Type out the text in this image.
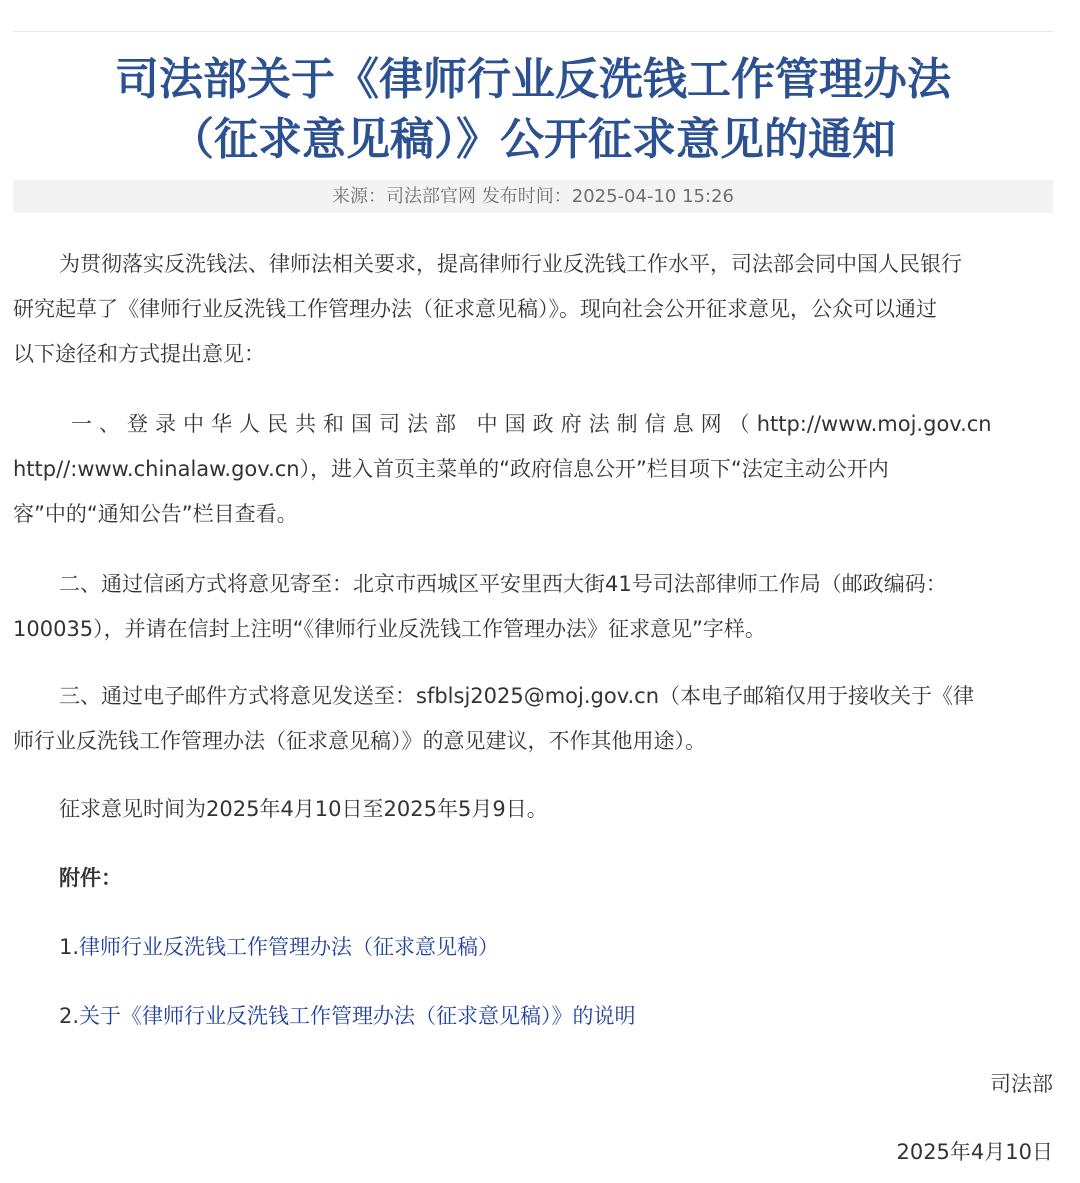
司法部关于《律师行业反洗钱工作管理办法
（征求意见稿）》公开征求意见的通知
来源：司法部官网 发布时间：2025-04-10 15:26
为贯彻落实反洗钱法、律师法相关要求，提高律师行业反洗钱工作水平，司法部会同中国人民银行
研究起草了《律师行业反洗钱工作管理办法（征求意见稿）》。现向社会公开征求意见，公众可以通过
以下途径和方式提出意见：
一、登录中华人民共和国司法部 中国政府法制信息网（http://www.moj.gov.cn
http//:www.chinalaw.gov.cn），进入首页主菜单的“政府信息公开”栏目项下“法定主动公开内
容”中的“通知公告”栏目查看。
二、通过信函方式将意见寄至：北京市西城区平安里西大街41号司法部律师工作局（邮政编码：
100035），并请在信封上注明“《律师行业反洗钱工作管理办法》征求意见”字样。
三、通过电子邮件方式将意见发送至：sfblsj2025@moj.gov.cn（本电子邮箱仅用于接收关于《律
师行业反洗钱工作管理办法（征求意见稿）》的意见建议，不作其他用途）。
征求意见时间为2025年4月10日至2025年5月9日。
附件：
1.律师行业反洗钱工作管理办法（征求意见稿）
2.关于《律师行业反洗钱工作管理办法（征求意见稿）》的说明
司法部
2025年4月10日
